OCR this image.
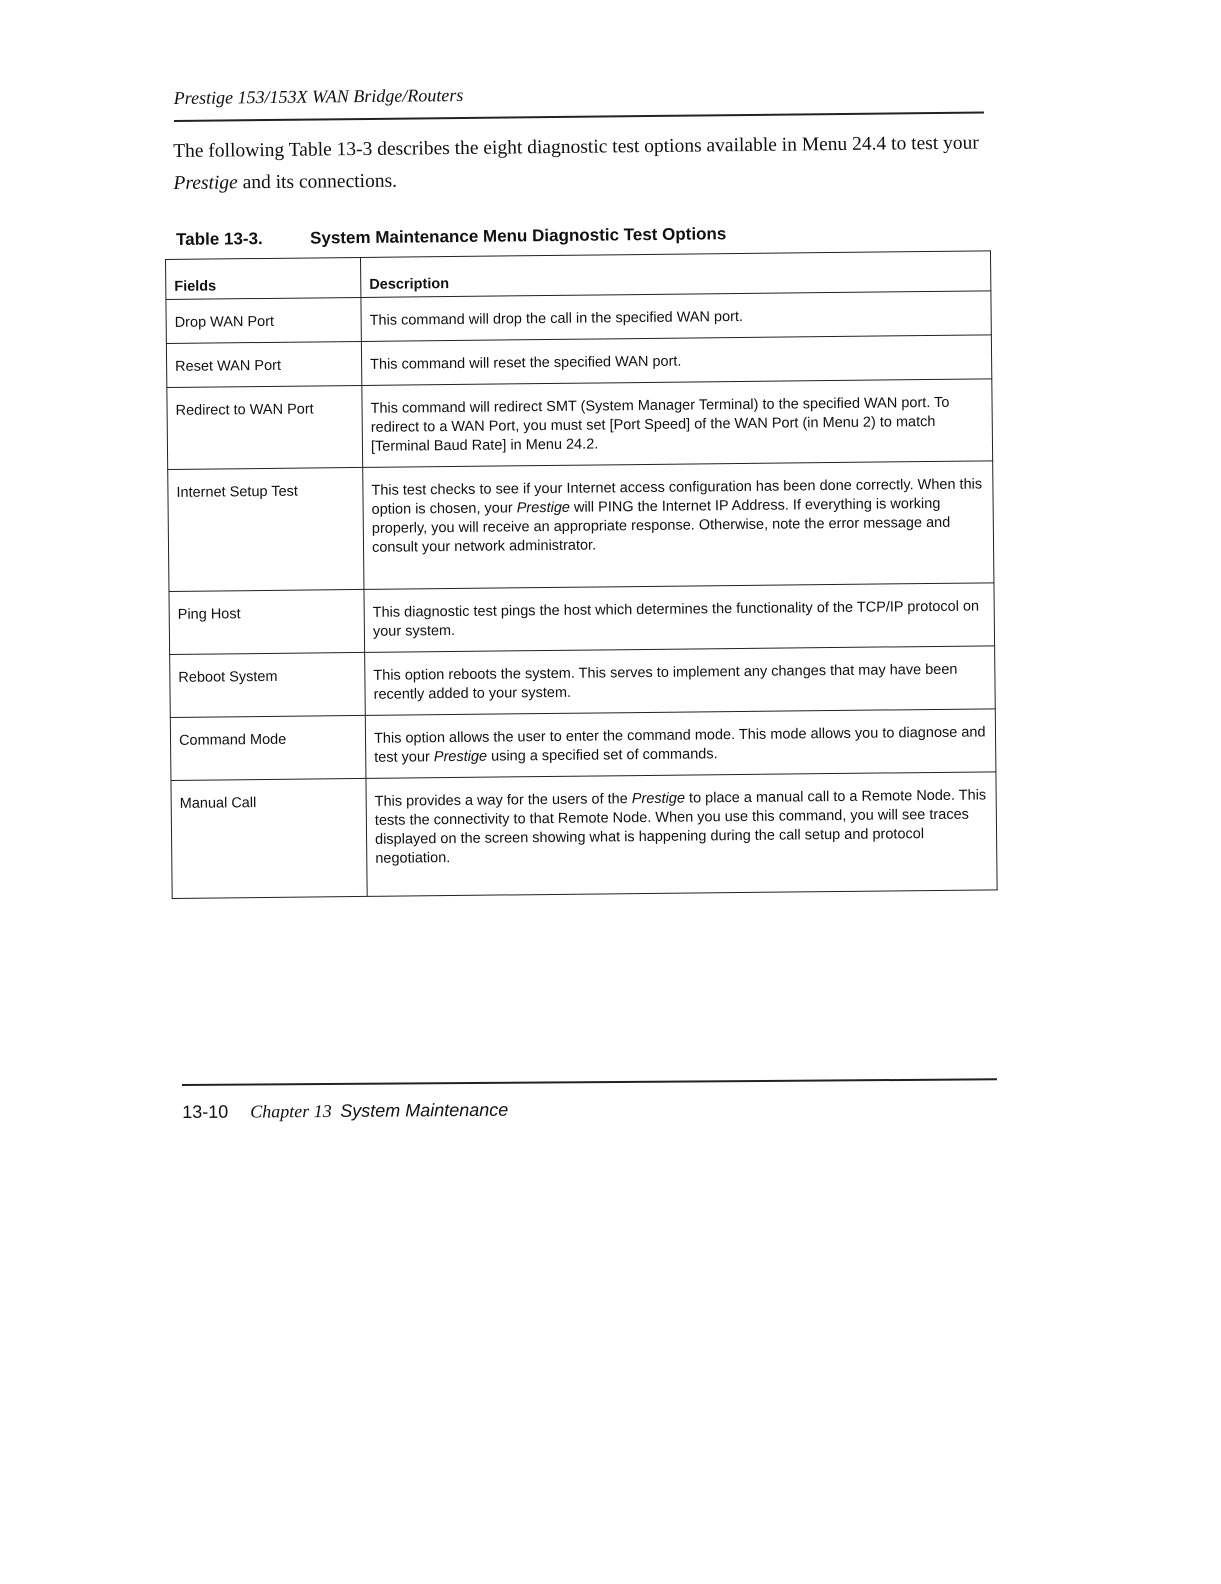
Prestige 153/153X WAN Bridge/Routers
The following Table 13-3 describes the eight diagnostic test options available in Menu 24.4 to test your Prestige and its connections.
Table 13-3.	System Maintenance Menu Diagnostic Test Options
Fields	Description
Drop WAN Port	This command will drop the call in the specified WAN port.
Reset WAN Port	This command will reset the specified WAN port.
Redirect to WAN Port	This command will redirect SMT (System Manager Terminal) to the specified WAN port. To redirect to a WAN Port, you must set [Port Speed] of the WAN Port (in Menu 2) to match [Terminal Baud Rate] in Menu 24.2.
Internet Setup Test	This test checks to see if your Internet access configuration has been done correctly. When this option is chosen, your Prestige will PING the Internet IP Address. If everything is working properly, you will receive an appropriate response. Otherwise, note the error message and consult your network administrator.
Ping Host	This diagnostic test pings the host which determines the functionality of the TCP/IP protocol on your system.
Reboot System	This option reboots the system. This serves to implement any changes that may have been recently added to your system.
Command Mode	This option allows the user to enter the command mode. This mode allows you to diagnose and test your Prestige using a specified set of commands.
Manual Call	This provides a way for the users of the Prestige to place a manual call to a Remote Node. This tests the connectivity to that Remote Node. When you use this command, you will see traces displayed on the screen showing what is happening during the call setup and protocol negotiation.
13-10 Chapter 13 System Maintenance
